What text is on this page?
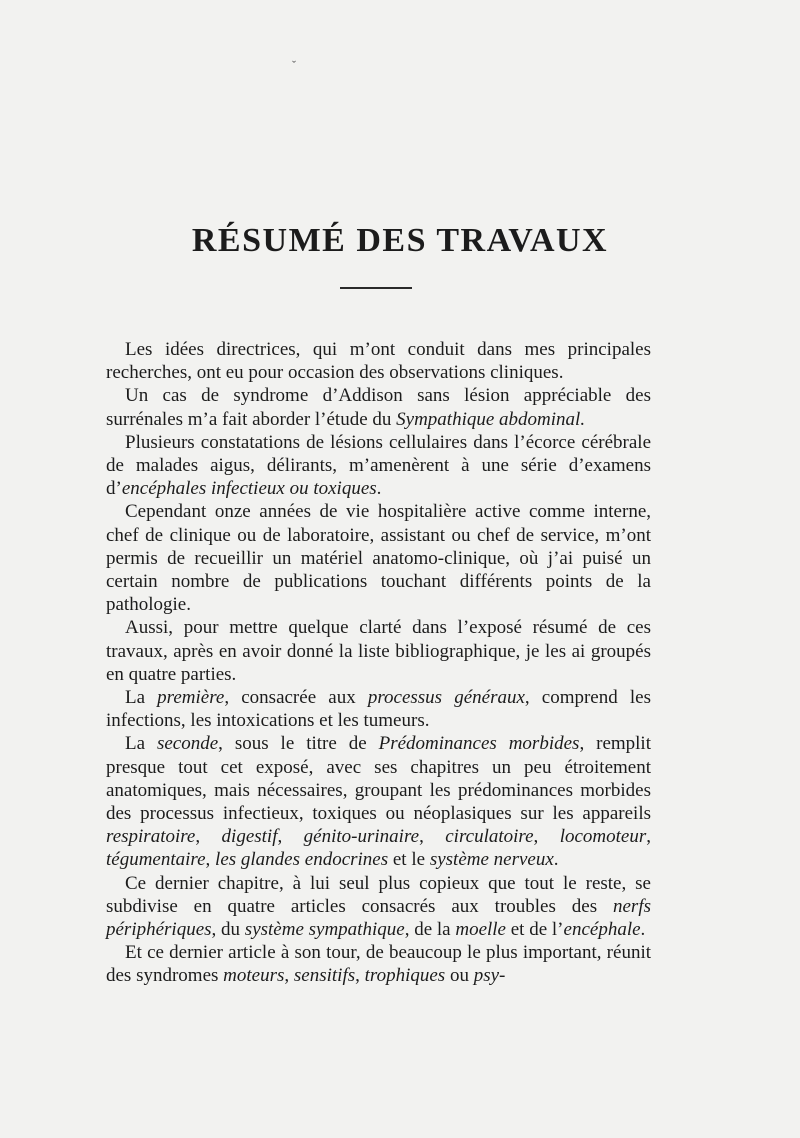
ˇ
RÉSUMÉ DES TRAVAUX

Les idées directrices, qui m’ont conduit dans mes principales recherches, ont eu pour occasion des observations cliniques.

Un cas de syndrome d’Addison sans lésion appréciable des surrénales m’a fait aborder l’étude du Sympathique abdominal.

Plusieurs constatations de lésions cellulaires dans l’écorce cérébrale de malades aigus, délirants, m’amenèrent à une série d’examens d’encéphales infectieux ou toxiques.

Cependant onze années de vie hospitalière active comme interne, chef de clinique ou de laboratoire, assistant ou chef de service, m’ont permis de recueillir un matériel anatomo-clinique, où j’ai puisé un certain nombre de publications touchant différents points de la pathologie.

Aussi, pour mettre quelque clarté dans l’exposé résumé de ces travaux, après en avoir donné la liste bibliographique, je les ai groupés en quatre parties.

La première, consacrée aux processus généraux, comprend les infections, les intoxications et les tumeurs.

La seconde, sous le titre de Prédominances morbides, remplit presque tout cet exposé, avec ses chapitres un peu étroitement anatomiques, mais nécessaires, groupant les prédominances morbides des processus infectieux, toxiques ou néoplasiques sur les appareils respiratoire, digestif, génito-urinaire, circulatoire, locomoteur, tégumentaire, les glandes endocrines et le système nerveux.

Ce dernier chapitre, à lui seul plus copieux que tout le reste, se subdivise en quatre articles consacrés aux troubles des nerfs périphériques, du système sympathique, de la moelle et de l’encéphale.

Et ce dernier article à son tour, de beaucoup le plus important, réunit des syndromes moteurs, sensitifs, trophiques ou psy-
